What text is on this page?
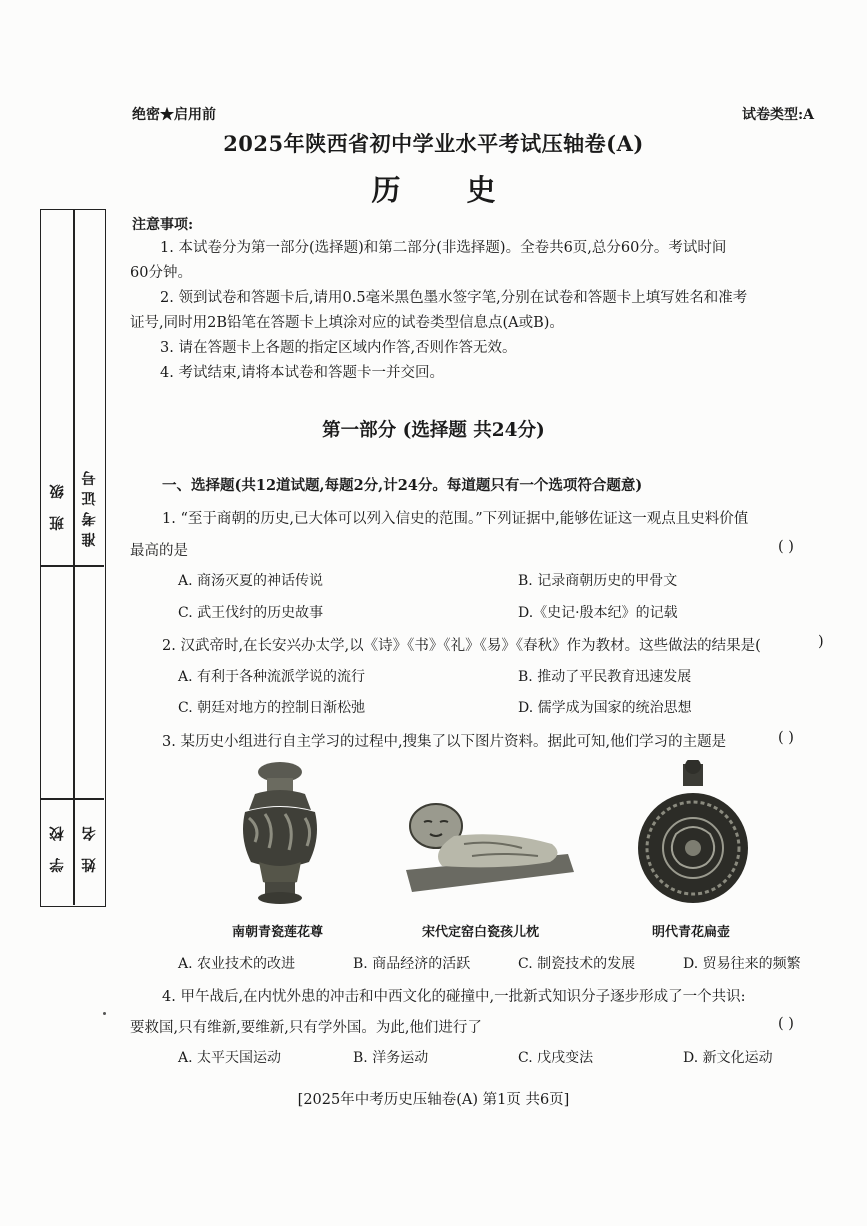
绝密★启用前	试卷类型:A
2025年陕西省初中学业水平考试压轴卷(A)
历 史
班 级 准考证号
学 校 姓 名
注意事项:
1. 本试卷分为第一部分(选择题)和第二部分(非选择题)。全卷共6页,总分60分。考试时间
60分钟。
2. 领到试卷和答题卡后,请用0.5毫米黑色墨水签字笔,分别在试卷和答题卡上填写姓名和准考
证号,同时用2B铅笔在答题卡上填涂对应的试卷类型信息点(A或B)。
3. 请在答题卡上各题的指定区域内作答,否则作答无效。
4. 考试结束,请将本试卷和答题卡一并交回。
第一部分 (选择题 共24分)
一、选择题(共12道试题,每题2分,计24分。每道题只有一个选项符合题意)
1. “至于商朝的历史,已大体可以列入信史的范围。”下列证据中,能够佐证这一观点且史料价值
最高的是	( )
A. 商汤灭夏的神话传说	B. 记录商朝历史的甲骨文
C. 武王伐纣的历史故事	D.《史记·殷本纪》的记载
2. 汉武帝时,在长安兴办太学,以《诗》《书》《礼》《易》《春秋》作为教材。这些做法的结果是(	)
A. 有利于各种流派学说的流行	B. 推动了平民教育迅速发展
C. 朝廷对地方的控制日渐松弛	D. 儒学成为国家的统治思想
3. 某历史小组进行自主学习的过程中,搜集了以下图片资料。据此可知,他们学习的主题是	( )
南朝青瓷莲花尊	宋代定窑白瓷孩儿枕	明代青花扁壶
A. 农业技术的改进	B. 商品经济的活跃	C. 制瓷技术的发展	D. 贸易往来的频繁
4. 甲午战后,在内忧外患的冲击和中西文化的碰撞中,一批新式知识分子逐步形成了一个共识:
要救国,只有维新,要维新,只有学外国。为此,他们进行了	( )
A. 太平天国运动	B. 洋务运动	C. 戊戌变法	D. 新文化运动
[2025年中考历史压轴卷(A) 第1页 共6页]
